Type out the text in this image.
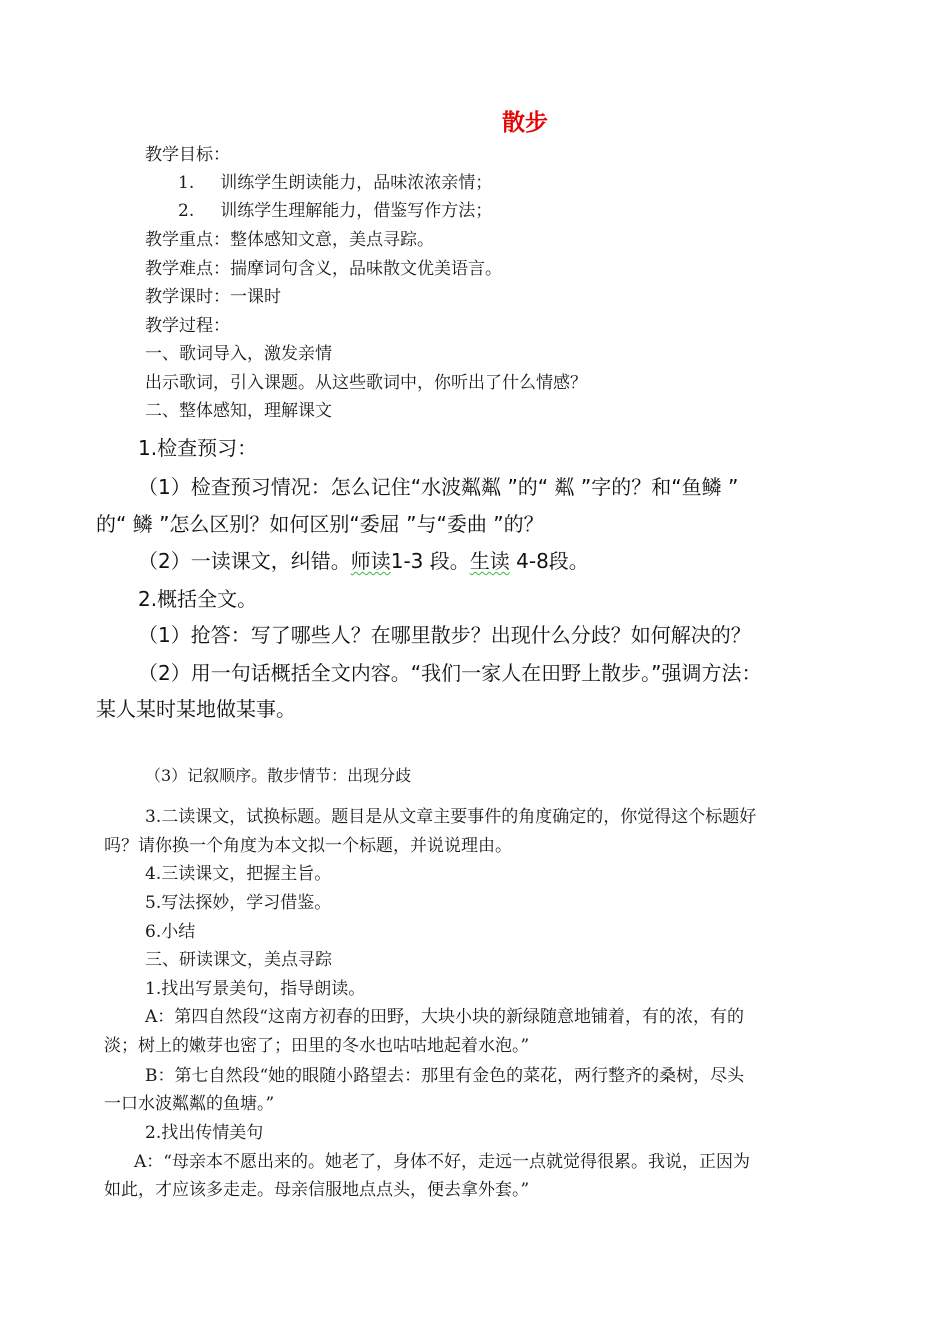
散步
教学目标：
1. 训练学生朗读能力，品味浓浓亲情；
2. 训练学生理解能力，借鉴写作方法；
教学重点：整体感知文意，美点寻踪。
教学难点：揣摩词句含义，品味散文优美语言。
教学课时：一课时
教学过程：
一、歌词导入，激发亲情
出示歌词，引入课题。从这些歌词中，你听出了什么情感？
二、整体感知，理解课文
1.检查预习：
（1）检查预习情况：怎么记住“水波粼粼 ”的“ 粼 ”字的？和“鱼鳞 ”
的“ 鳞 ”怎么区别？如何区别“委屈 ”与“委曲 ”的？
（2）一读课文，纠错。师读1-3 段。生读 4-8段。
2.概括全文。
（1）抢答：写了哪些人？在哪里散步？出现什么分歧？如何解决的？
（2）用一句话概括全文内容。“我们一家人在田野上散步。”强调方法：
某人某时某地做某事。
（3）记叙顺序。散步情节：出现分歧
3.二读课文，试换标题。题目是从文章主要事件的角度确定的，你觉得这个标题好
吗？请你换一个角度为本文拟一个标题，并说说理由。
4.三读课文，把握主旨。
5.写法探妙，学习借鉴。
6.小结
三、研读课文，美点寻踪
1.找出写景美句，指导朗读。
A：第四自然段“这南方初春的田野，大块小块的新绿随意地铺着，有的浓，有的
淡；树上的嫩芽也密了；田里的冬水也咕咕地起着水泡。”
B：第七自然段“她的眼随小路望去：那里有金色的菜花，两行整齐的桑树，尽头
一口水波粼粼的鱼塘。”
2.找出传情美句
A：“母亲本不愿出来的。她老了，身体不好，走远一点就觉得很累。我说，正因为
如此，才应该多走走。母亲信服地点点头，便去拿外套。”
